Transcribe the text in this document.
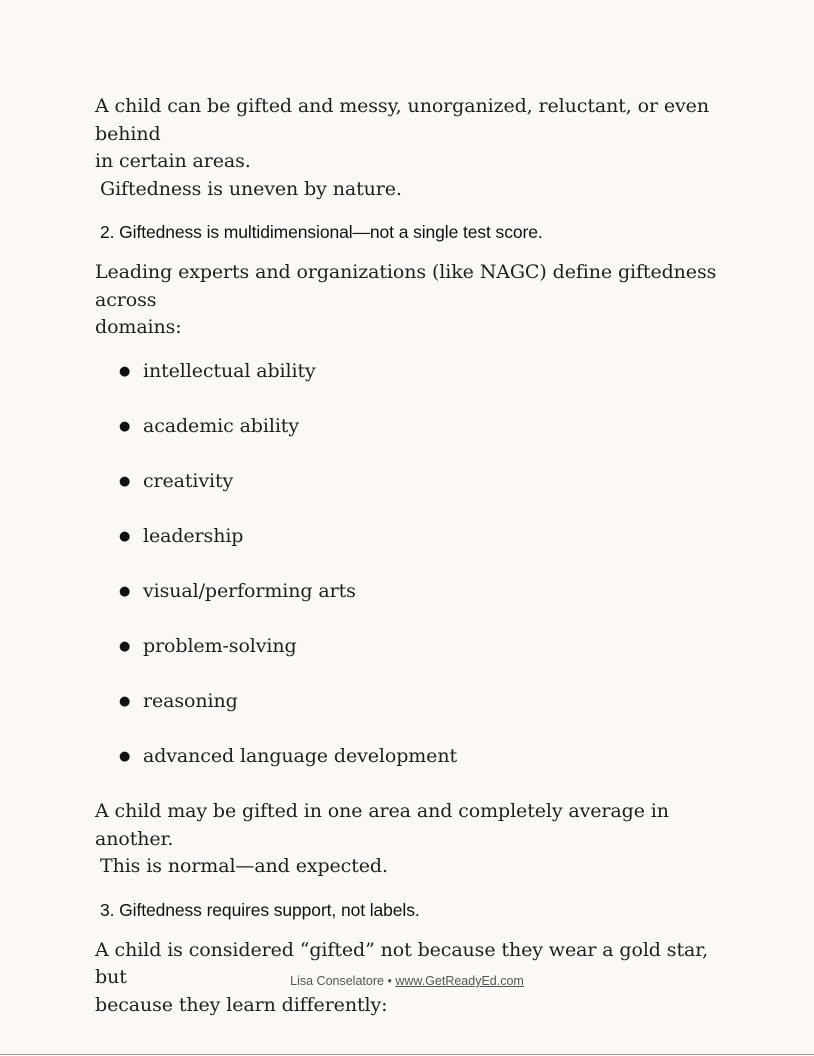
A child can be gifted and messy, unorganized, reluctant, or even behind
in certain areas.
Giftedness is uneven by nature.

2. Giftedness is multidimensional—not a single test score.

Leading experts and organizations (like NAGC) define giftedness across
domains:

● intellectual ability
● academic ability
● creativity
● leadership
● visual/performing arts
● problem-solving
● reasoning
● advanced language development

A child may be gifted in one area and completely average in another.
This is normal—and expected.

3. Giftedness requires support, not labels.

A child is considered “gifted” not because they wear a gold star, but
because they learn differently:

Lisa Conselatore • www.GetReadyEd.com
